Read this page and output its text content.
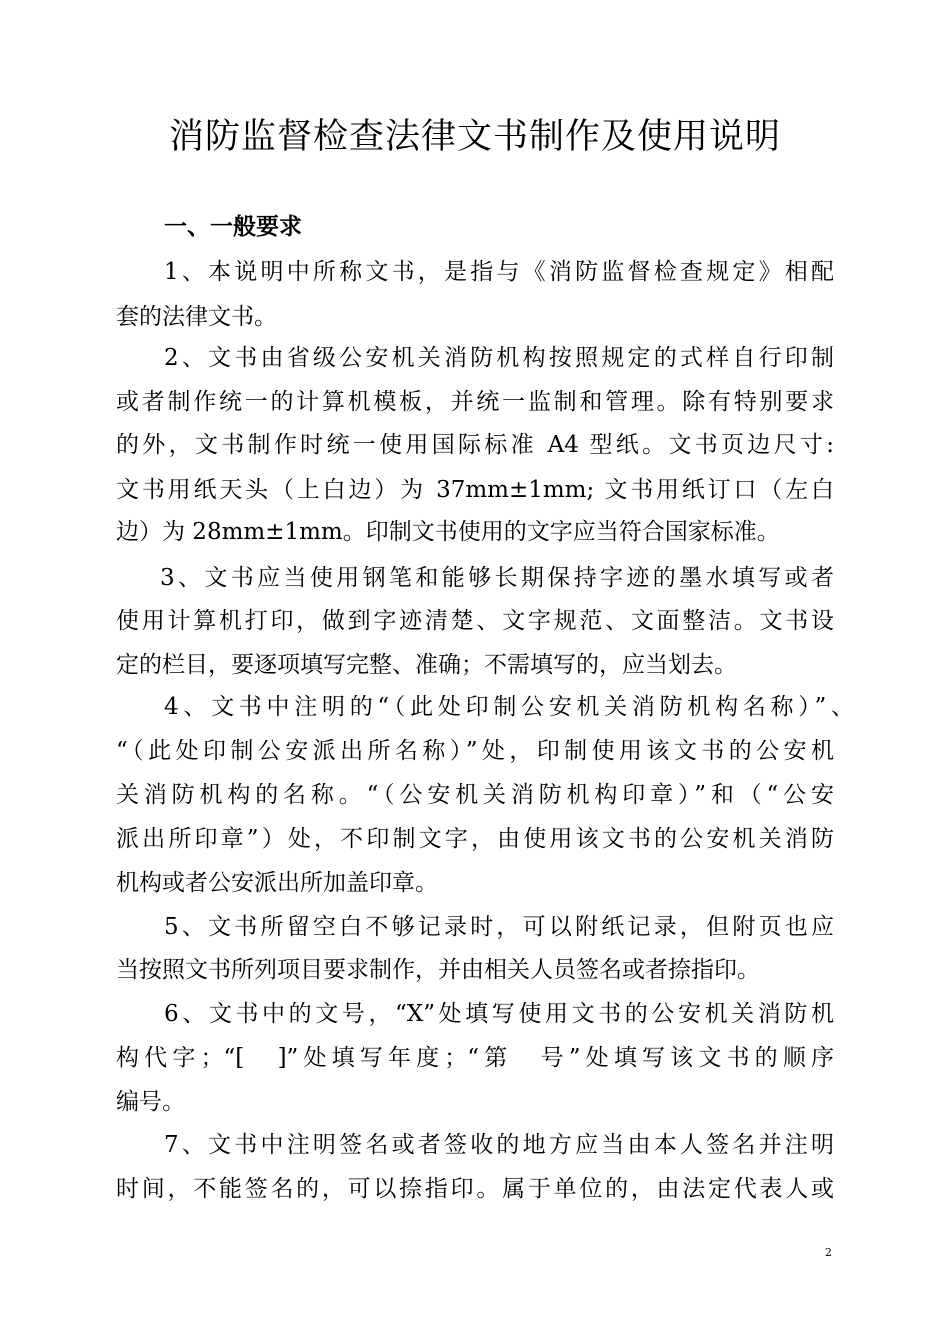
消防监督检查法律文书制作及使用说明
一、一般要求
1、本说明中所称文书，是指与《消防监督检查规定》相配
套的法律文书。
2、文书由省级公安机关消防机构按照规定的式样自行印制
或者制作统一的计算机模板，并统一监制和管理。除有特别要求
的外，文书制作时统一使用国际标准 A4 型纸。文书页边尺寸:
文书用纸天头（上白边）为 37mm±1mm; 文书用纸订口（左白
边）为 28mm±1mm。印制文书使用的文字应当符合国家标准。
3、文书应当使用钢笔和能够长期保持字迹的墨水填写或者
使用计算机打印，做到字迹清楚、文字规范、文面整洁。文书设
定的栏目，要逐项填写完整、准确；不需填写的，应当划去。
4、文书中注明的“（此处印制公安机关消防机构名称）”、
“（此处印制公安派出所名称）”处，印制使用该文书的公安机
关消防机构的名称。“（公安机关消防机构印章）”和（“公安
派出所印章”）处，不印制文字，由使用该文书的公安机关消防
机构或者公安派出所加盖印章。
5、文书所留空白不够记录时，可以附纸记录，但附页也应
当按照文书所列项目要求制作，并由相关人员签名或者捺指印。
6、文书中的文号，“X”处填写使用文书的公安机关消防机
构代字；“[　]”处填写年度；“第　号”处填写该文书的顺序
编号。
7、文书中注明签名或者签收的地方应当由本人签名并注明
时间，不能签名的，可以捺指印。属于单位的，由法定代表人或
2
